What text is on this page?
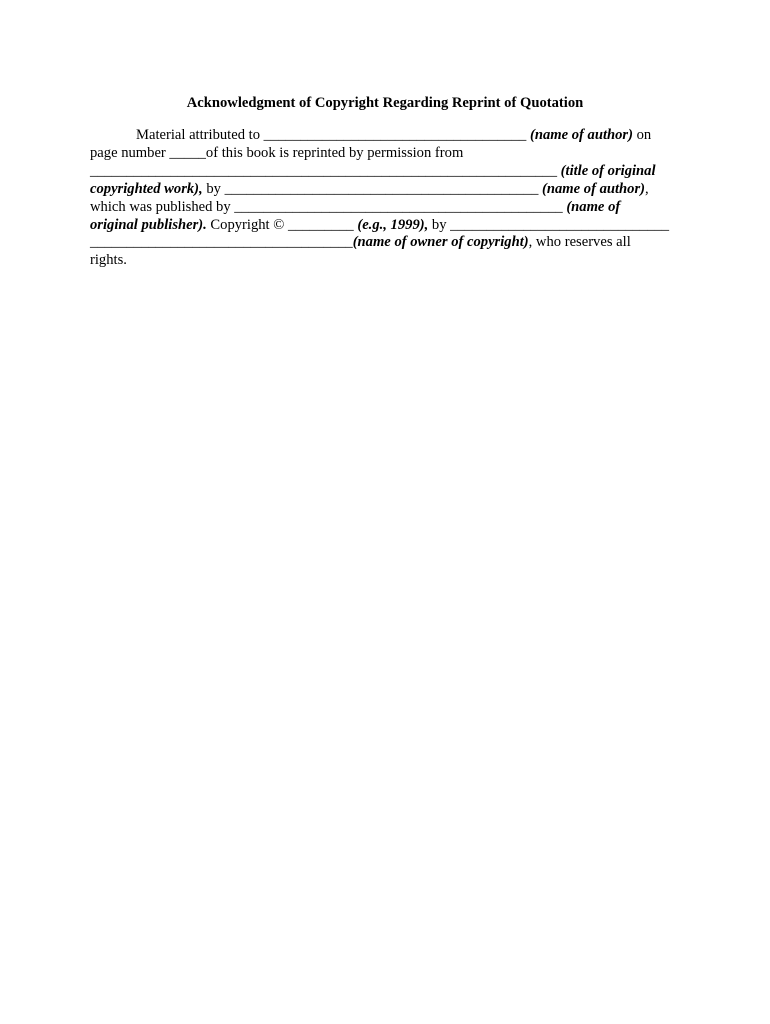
Acknowledgment of Copyright Regarding Reprint of Quotation
Material attributed to ____________________________________ (name of author) on
page number _____of this book is reprinted by permission from
________________________________________________________________ (title of original
copyrighted work), by ___________________________________________ (name of author),
which was published by _____________________________________________ (name of
original publisher). Copyright © _________ (e.g., 1999), by ______________________________
____________________________________(name of owner of copyright), who reserves all
rights.
